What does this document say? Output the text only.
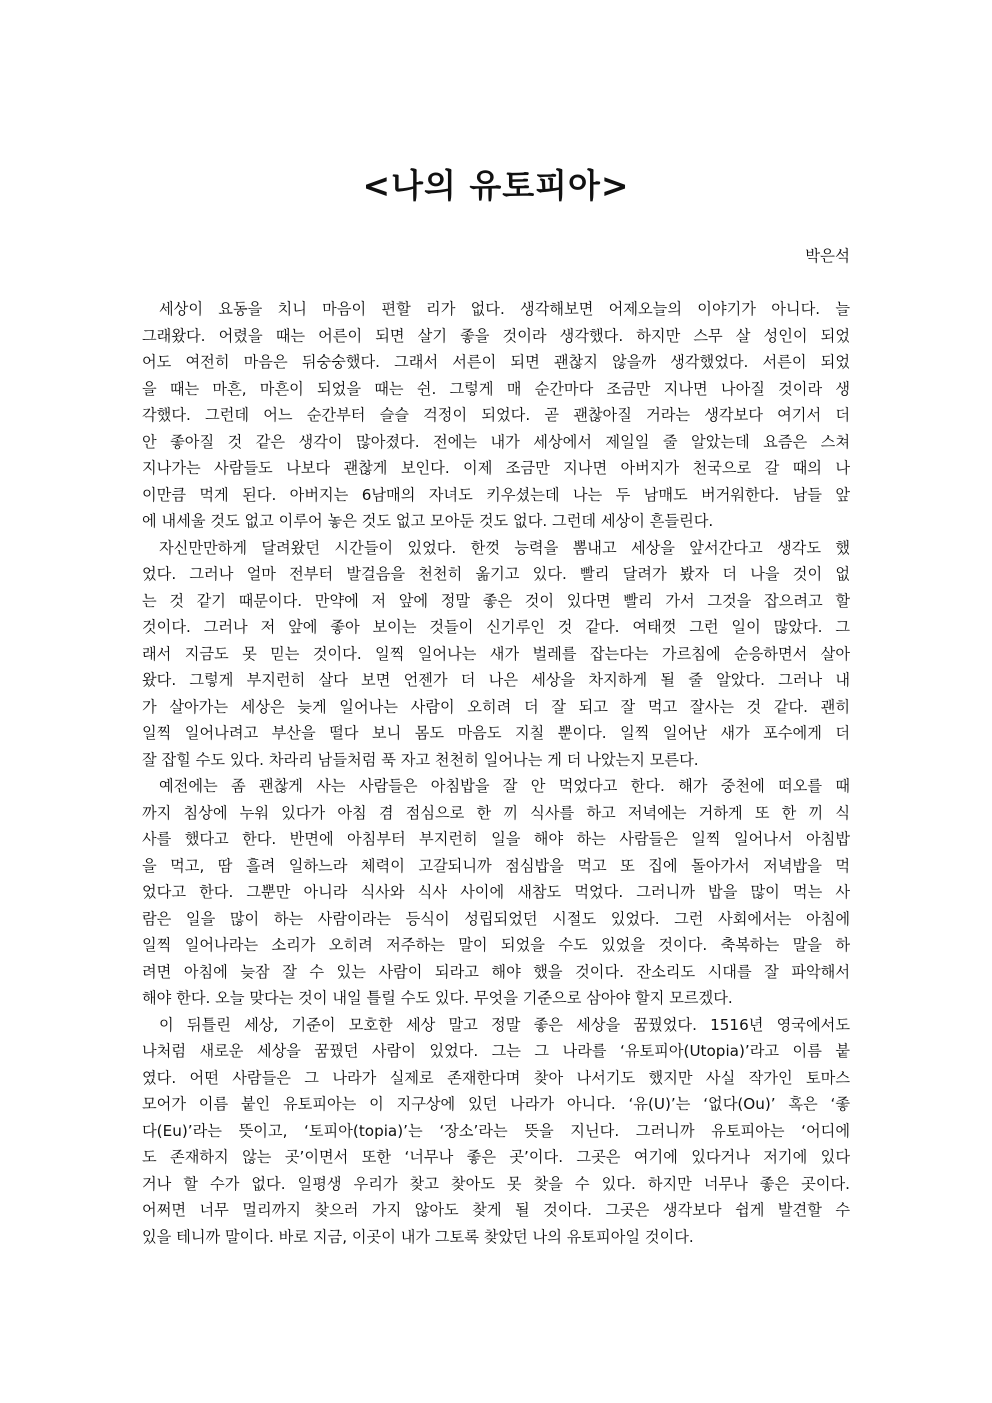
<나의 유토피아>
박은석
세상이 요동을 치니 마음이 편할 리가 없다. 생각해보면 어제오늘의 이야기가 아니다. 늘
그래왔다. 어렸을 때는 어른이 되면 살기 좋을 것이라 생각했다. 하지만 스무 살 성인이 되었
어도 여전히 마음은 뒤숭숭했다. 그래서 서른이 되면 괜찮지 않을까 생각했었다. 서른이 되었
을 때는 마흔, 마흔이 되었을 때는 쉰. 그렇게 매 순간마다 조금만 지나면 나아질 것이라 생
각했다. 그런데 어느 순간부터 슬슬 걱정이 되었다. 곧 괜찮아질 거라는 생각보다 여기서 더
안 좋아질 것 같은 생각이 많아졌다. 전에는 내가 세상에서 제일일 줄 알았는데 요즘은 스쳐
지나가는 사람들도 나보다 괜찮게 보인다. 이제 조금만 지나면 아버지가 천국으로 갈 때의 나
이만큼 먹게 된다. 아버지는 6남매의 자녀도 키우셨는데 나는 두 남매도 버거워한다. 남들 앞
에 내세울 것도 없고 이루어 놓은 것도 없고 모아둔 것도 없다. 그런데 세상이 흔들린다.
자신만만하게 달려왔던 시간들이 있었다. 한껏 능력을 뽐내고 세상을 앞서간다고 생각도 했
었다. 그러나 얼마 전부터 발걸음을 천천히 옮기고 있다. 빨리 달려가 봤자 더 나을 것이 없
는 것 같기 때문이다. 만약에 저 앞에 정말 좋은 것이 있다면 빨리 가서 그것을 잡으려고 할
것이다. 그러나 저 앞에 좋아 보이는 것들이 신기루인 것 같다. 여태껏 그런 일이 많았다. 그
래서 지금도 못 믿는 것이다. 일찍 일어나는 새가 벌레를 잡는다는 가르침에 순응하면서 살아
왔다. 그렇게 부지런히 살다 보면 언젠가 더 나은 세상을 차지하게 될 줄 알았다. 그러나 내
가 살아가는 세상은 늦게 일어나는 사람이 오히려 더 잘 되고 잘 먹고 잘사는 것 같다. 괜히
일찍 일어나려고 부산을 떨다 보니 몸도 마음도 지칠 뿐이다. 일찍 일어난 새가 포수에게 더
잘 잡힐 수도 있다. 차라리 남들처럼 푹 자고 천천히 일어나는 게 더 나았는지 모른다.
예전에는 좀 괜찮게 사는 사람들은 아침밥을 잘 안 먹었다고 한다. 해가 중천에 떠오를 때
까지 침상에 누워 있다가 아침 겸 점심으로 한 끼 식사를 하고 저녁에는 거하게 또 한 끼 식
사를 했다고 한다. 반면에 아침부터 부지런히 일을 해야 하는 사람들은 일찍 일어나서 아침밥
을 먹고, 땀 흘려 일하느라 체력이 고갈되니까 점심밥을 먹고 또 집에 돌아가서 저녁밥을 먹
었다고 한다. 그뿐만 아니라 식사와 식사 사이에 새참도 먹었다. 그러니까 밥을 많이 먹는 사
람은 일을 많이 하는 사람이라는 등식이 성립되었던 시절도 있었다. 그런 사회에서는 아침에
일찍 일어나라는 소리가 오히려 저주하는 말이 되었을 수도 있었을 것이다. 축복하는 말을 하
려면 아침에 늦잠 잘 수 있는 사람이 되라고 해야 했을 것이다. 잔소리도 시대를 잘 파악해서
해야 한다. 오늘 맞다는 것이 내일 틀릴 수도 있다. 무엇을 기준으로 삼아야 할지 모르겠다.
이 뒤틀린 세상, 기준이 모호한 세상 말고 정말 좋은 세상을 꿈꿨었다. 1516년 영국에서도
나처럼 새로운 세상을 꿈꿨던 사람이 있었다. 그는 그 나라를 ‘유토피아(Utopia)’라고 이름 붙
였다. 어떤 사람들은 그 나라가 실제로 존재한다며 찾아 나서기도 했지만 사실 작가인 토마스
모어가 이름 붙인 유토피아는 이 지구상에 있던 나라가 아니다. ‘유(U)’는 ‘없다(Ou)’ 혹은 ‘좋
다(Eu)’라는 뜻이고, ‘토피아(topia)’는 ‘장소’라는 뜻을 지닌다. 그러니까 유토피아는 ‘어디에
도 존재하지 않는 곳’이면서 또한 ‘너무나 좋은 곳’이다. 그곳은 여기에 있다거나 저기에 있다
거나 할 수가 없다. 일평생 우리가 찾고 찾아도 못 찾을 수 있다. 하지만 너무나 좋은 곳이다.
어쩌면 너무 멀리까지 찾으러 가지 않아도 찾게 될 것이다. 그곳은 생각보다 쉽게 발견할 수
있을 테니까 말이다. 바로 지금, 이곳이 내가 그토록 찾았던 나의 유토피아일 것이다.
